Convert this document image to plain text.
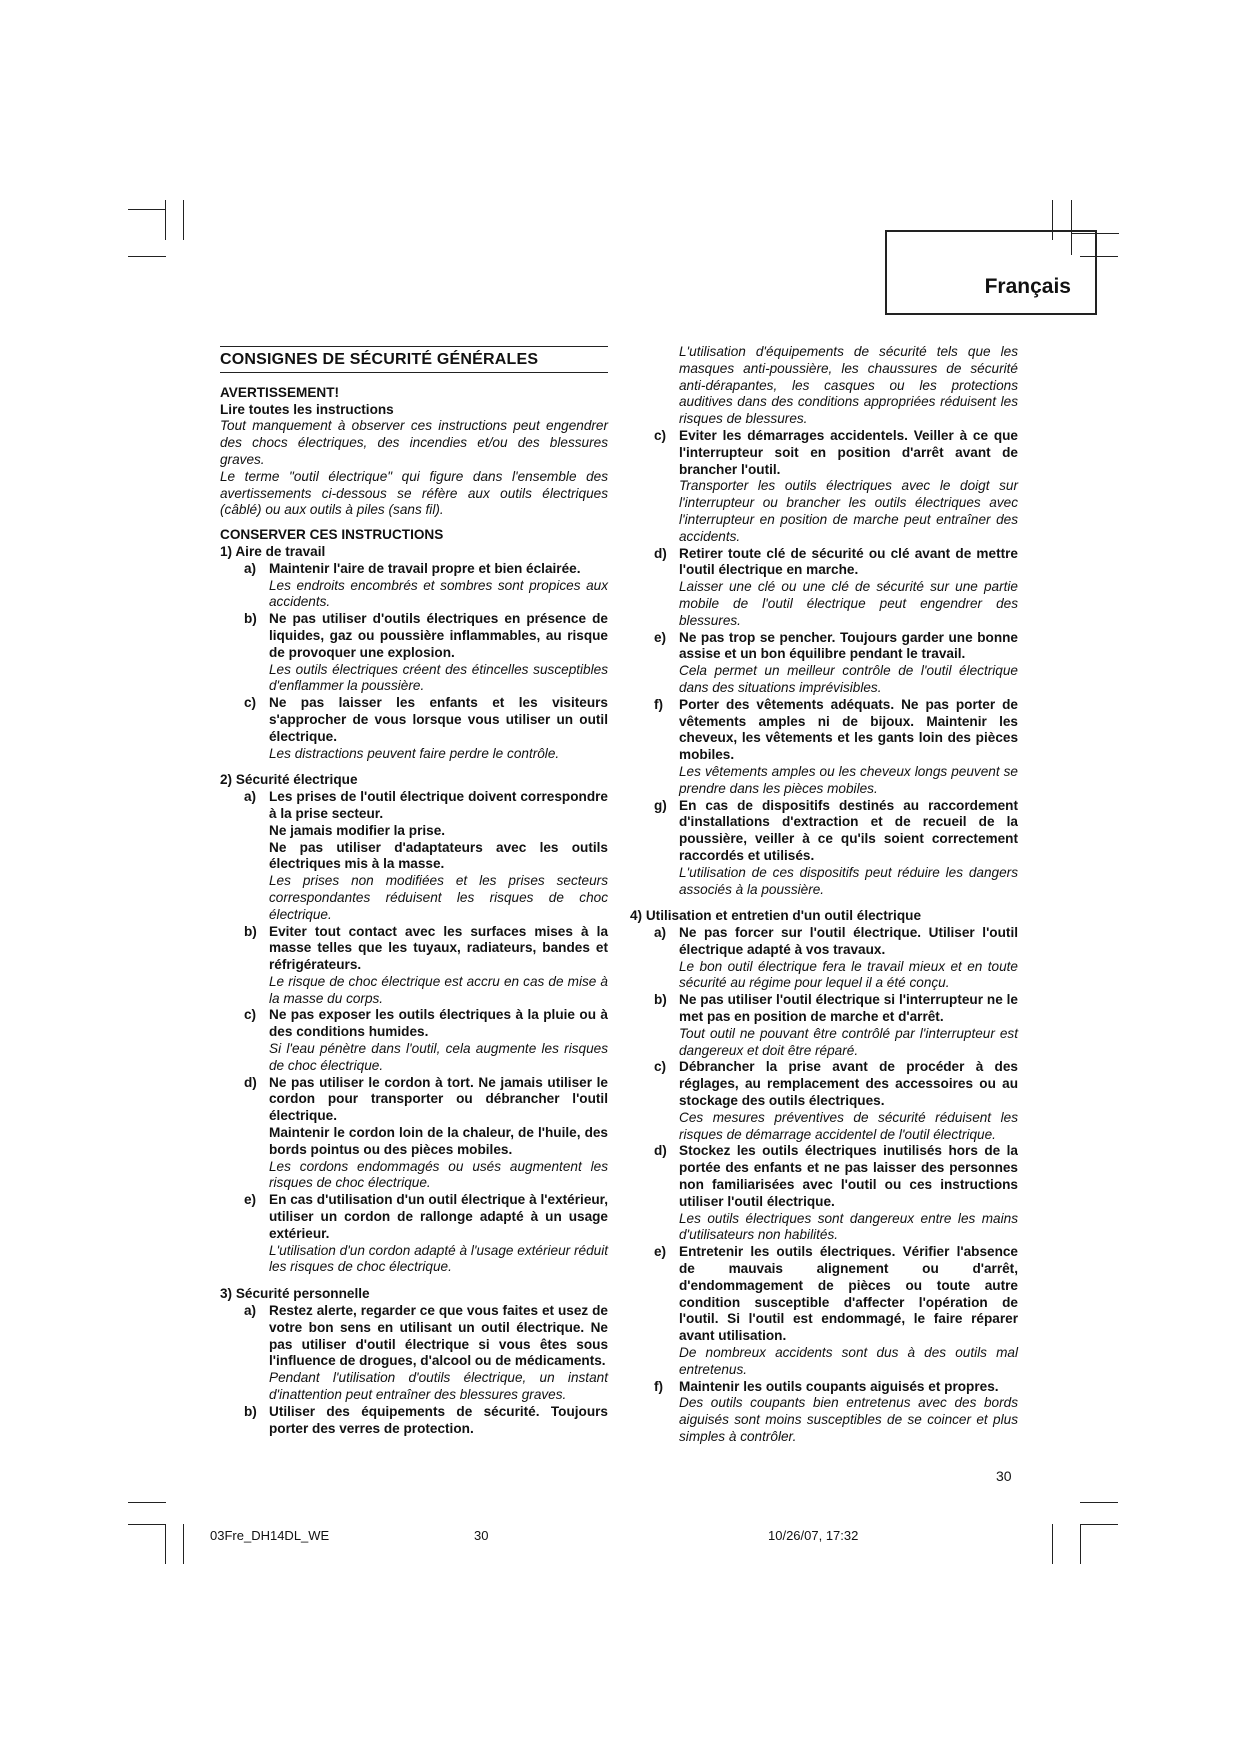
Français
CONSIGNES DE SÉCURITÉ GÉNÉRALES
AVERTISSEMENT!
Lire toutes les instructions
Tout manquement à observer ces instructions peut engendrer des chocs électriques, des incendies et/ou des blessures graves.
Le terme "outil électrique" qui figure dans l'ensemble des avertissements ci-dessous se réfère aux outils électriques (câblé) ou aux outils à piles (sans fil).
CONSERVER CES INSTRUCTIONS
1) Aire de travail
a) Maintenir l'aire de travail propre et bien éclairée.
Les endroits encombrés et sombres sont propices aux accidents.
b) Ne pas utiliser d'outils électriques en présence de liquides, gaz ou poussière inflammables, au risque de provoquer une explosion.
Les outils électriques créent des étincelles susceptibles d'enflammer la poussière.
c) Ne pas laisser les enfants et les visiteurs s'approcher de vous lorsque vous utiliser un outil électrique.
Les distractions peuvent faire perdre le contrôle.
2) Sécurité électrique
a) Les prises de l'outil électrique doivent correspondre à la prise secteur.
Ne jamais modifier la prise.
Ne pas utiliser d'adaptateurs avec les outils électriques mis à la masse.
Les prises non modifiées et les prises secteurs correspondantes réduisent les risques de choc électrique.
b) Eviter tout contact avec les surfaces mises à la masse telles que les tuyaux, radiateurs, bandes et réfrigérateurs.
Le risque de choc électrique est accru en cas de mise à la masse du corps.
c) Ne pas exposer les outils électriques à la pluie ou à des conditions humides.
Si l'eau pénètre dans l'outil, cela augmente les risques de choc électrique.
d) Ne pas utiliser le cordon à tort. Ne jamais utiliser le cordon pour transporter ou débrancher l'outil électrique.
Maintenir le cordon loin de la chaleur, de l'huile, des bords pointus ou des pièces mobiles.
Les cordons endommagés ou usés augmentent les risques de choc électrique.
e) En cas d'utilisation d'un outil électrique à l'extérieur, utiliser un cordon de rallonge adapté à un usage extérieur.
L'utilisation d'un cordon adapté à l'usage extérieur réduit les risques de choc électrique.
3) Sécurité personnelle
a) Restez alerte, regarder ce que vous faites et usez de votre bon sens en utilisant un outil électrique. Ne pas utiliser d'outil électrique si vous êtes sous l'influence de drogues, d'alcool ou de médicaments.
Pendant l'utilisation d'outils électrique, un instant d'inattention peut entraîner des blessures graves.
b) Utiliser des équipements de sécurité. Toujours porter des verres de protection.
L'utilisation d'équipements de sécurité tels que les masques anti-poussière, les chaussures de sécurité anti-dérapantes, les casques ou les protections auditives dans des conditions appropriées réduisent les risques de blessures.
c) Eviter les démarrages accidentels. Veiller à ce que l'interrupteur soit en position d'arrêt avant de brancher l'outil.
Transporter les outils électriques avec le doigt sur l'interrupteur ou brancher les outils électriques avec l'interrupteur en position de marche peut entraîner des accidents.
d) Retirer toute clé de sécurité ou clé avant de mettre l'outil électrique en marche.
Laisser une clé ou une clé de sécurité sur une partie mobile de l'outil électrique peut engendrer des blessures.
e) Ne pas trop se pencher. Toujours garder une bonne assise et un bon équilibre pendant le travail.
Cela permet un meilleur contrôle de l'outil électrique dans des situations imprévisibles.
f) Porter des vêtements adéquats. Ne pas porter de vêtements amples ni de bijoux. Maintenir les cheveux, les vêtements et les gants loin des pièces mobiles.
Les vêtements amples ou les cheveux longs peuvent se prendre dans les pièces mobiles.
g) En cas de dispositifs destinés au raccordement d'installations d'extraction et de recueil de la poussière, veiller à ce qu'ils soient correctement raccordés et utilisés.
L'utilisation de ces dispositifs peut réduire les dangers associés à la poussière.
4) Utilisation et entretien d'un outil électrique
a) Ne pas forcer sur l'outil électrique. Utiliser l'outil électrique adapté à vos travaux.
Le bon outil électrique fera le travail mieux et en toute sécurité au régime pour lequel il a été conçu.
b) Ne pas utiliser l'outil électrique si l'interrupteur ne le met pas en position de marche et d'arrêt.
Tout outil ne pouvant être contrôlé par l'interrupteur est dangereux et doit être réparé.
c) Débrancher la prise avant de procéder à des réglages, au remplacement des accessoires ou au stockage des outils électriques.
Ces mesures préventives de sécurité réduisent les risques de démarrage accidentel de l'outil électrique.
d) Stockez les outils électriques inutilisés hors de la portée des enfants et ne pas laisser des personnes non familiarisées avec l'outil ou ces instructions utiliser l'outil électrique.
Les outils électriques sont dangereux entre les mains d'utilisateurs non habilités.
e) Entretenir les outils électriques. Vérifier l'absence de mauvais alignement ou d'arrêt, d'endommagement de pièces ou toute autre condition susceptible d'affecter l'opération de l'outil. Si l'outil est endommagé, le faire réparer avant utilisation.
De nombreux accidents sont dus à des outils mal entretenus.
f) Maintenir les outils coupants aiguisés et propres.
Des outils coupants bien entretenus avec des bords aiguisés sont moins susceptibles de se coincer et plus simples à contrôler.
30
03Fre_DH14DL_WE	30	10/26/07, 17:32
